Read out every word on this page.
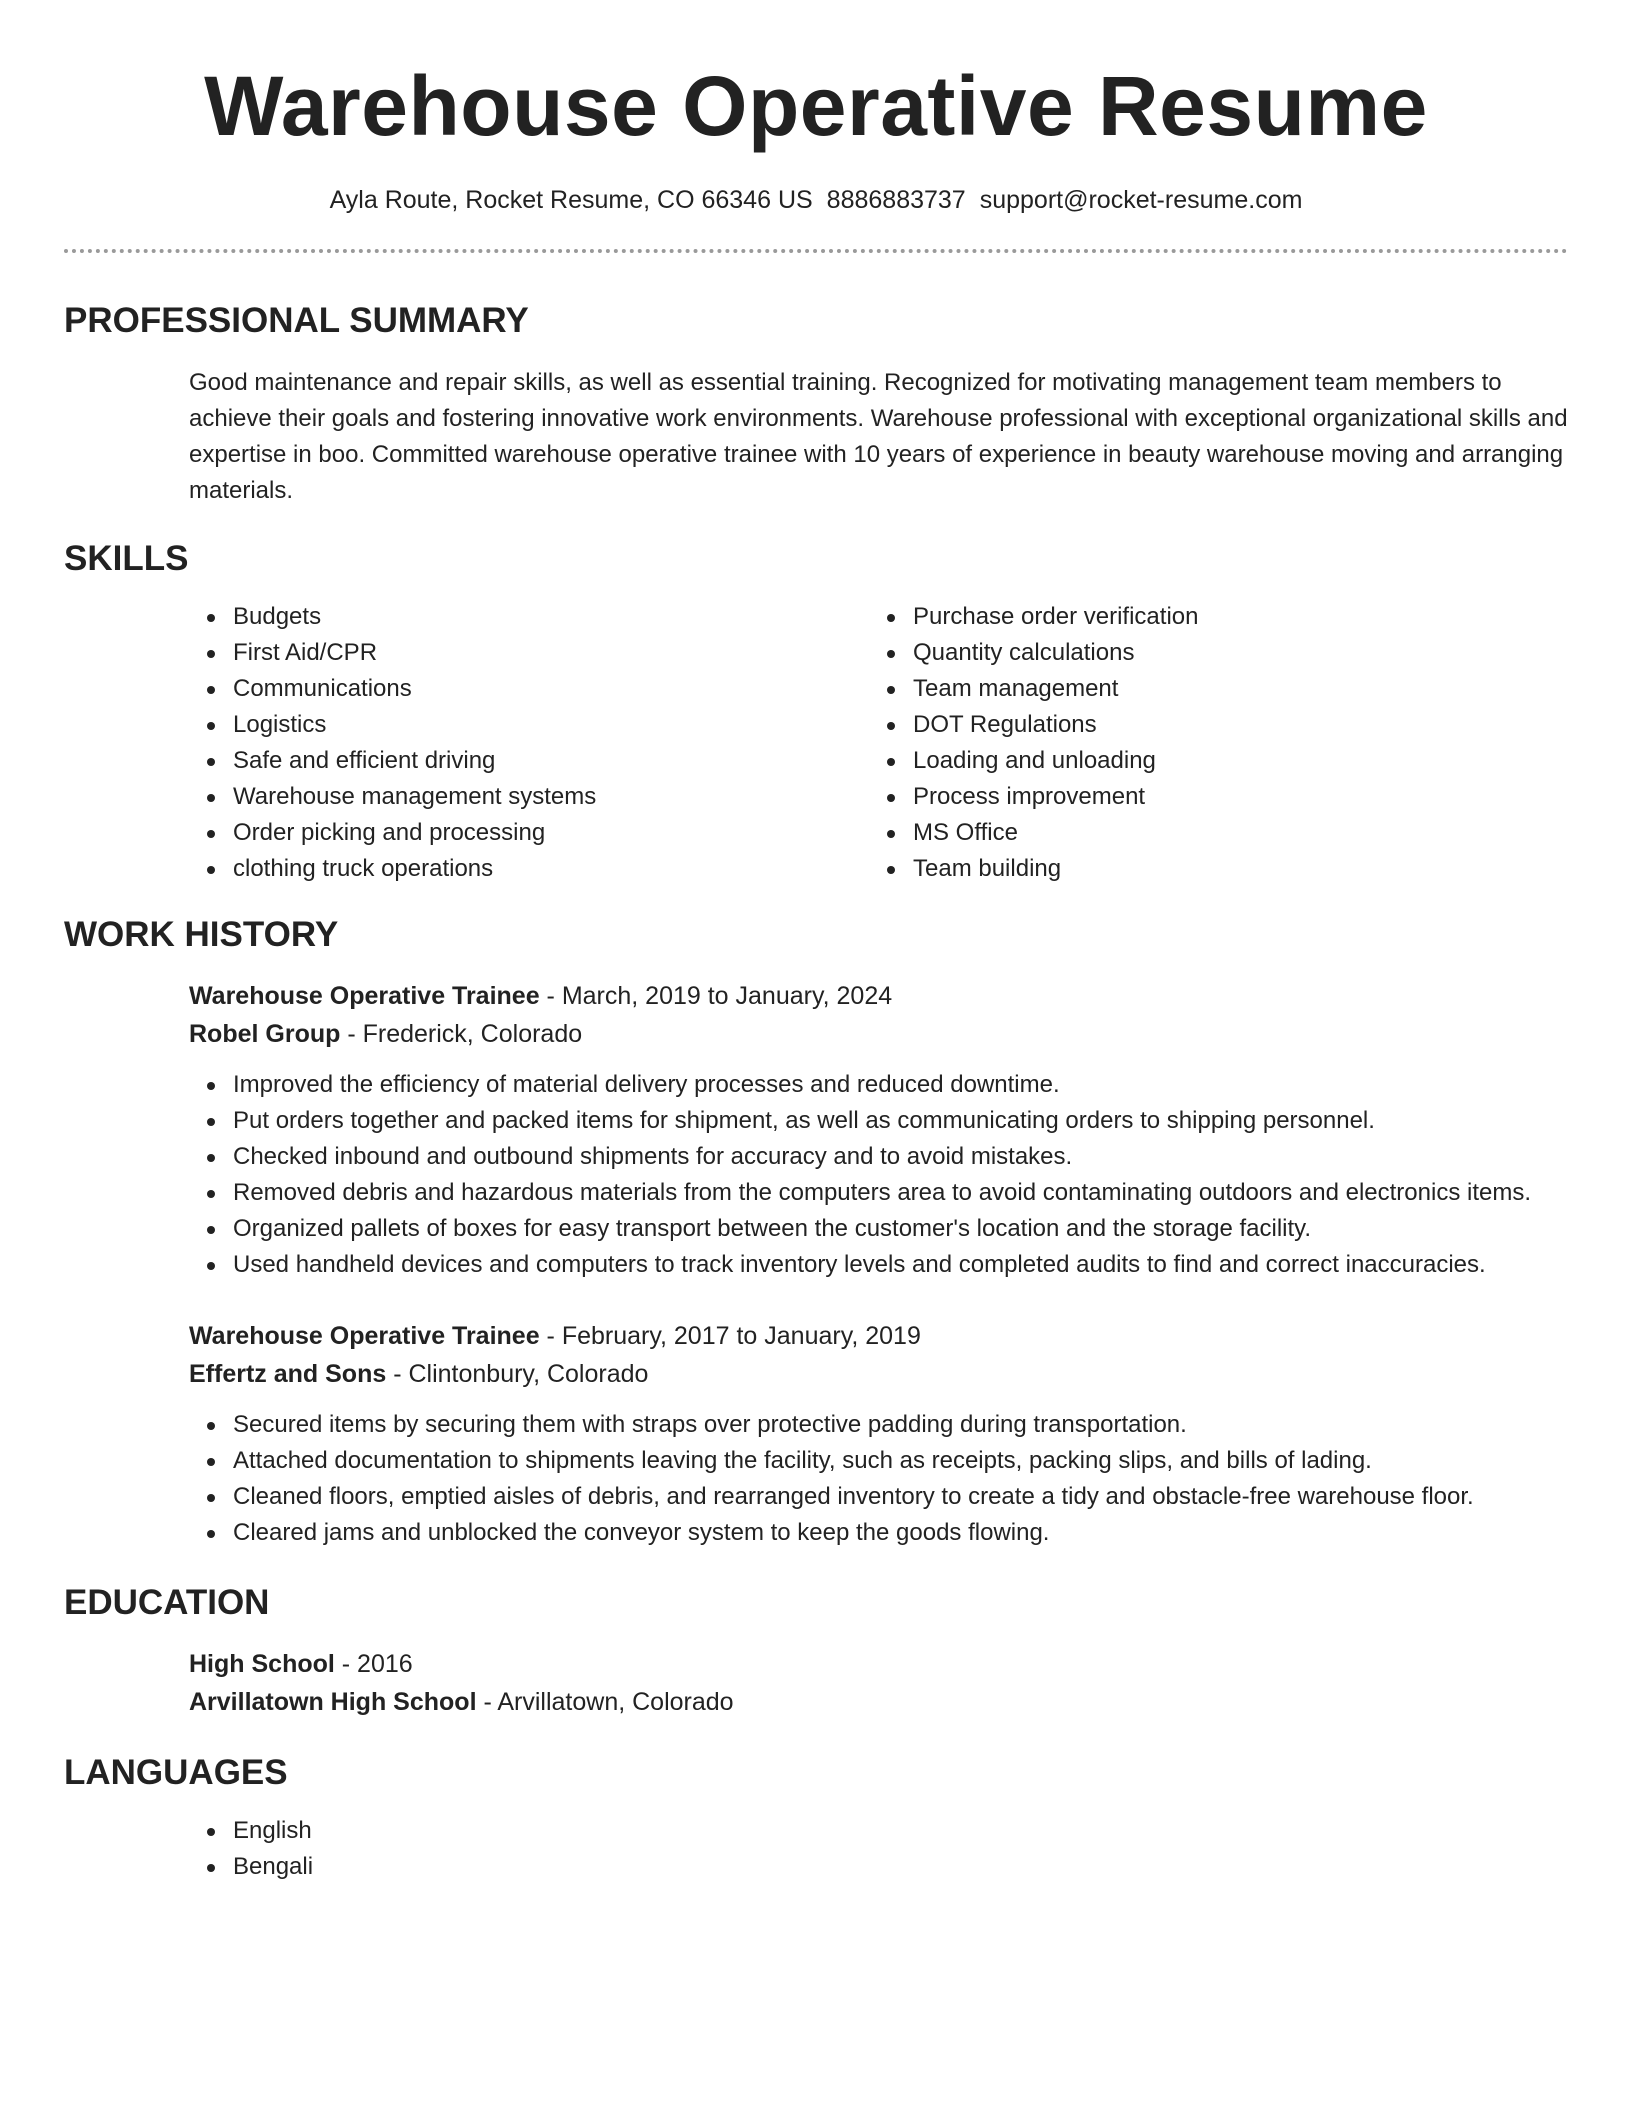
Warehouse Operative Resume
Ayla Route, Rocket Resume, CO 66346 US 8886883737 support@rocket-resume.com
PROFESSIONAL SUMMARY
Good maintenance and repair skills, as well as essential training. Recognized for motivating management team members to achieve their goals and fostering innovative work environments. Warehouse professional with exceptional organizational skills and expertise in boo. Committed warehouse operative trainee with 10 years of experience in beauty warehouse moving and arranging materials.
SKILLS
Budgets
First Aid/CPR
Communications
Logistics
Safe and efficient driving
Warehouse management systems
Order picking and processing
clothing truck operations
Purchase order verification
Quantity calculations
Team management
DOT Regulations
Loading and unloading
Process improvement
MS Office
Team building
WORK HISTORY
Warehouse Operative Trainee - March, 2019 to January, 2024
Robel Group - Frederick, Colorado
Improved the efficiency of material delivery processes and reduced downtime.
Put orders together and packed items for shipment, as well as communicating orders to shipping personnel.
Checked inbound and outbound shipments for accuracy and to avoid mistakes.
Removed debris and hazardous materials from the computers area to avoid contaminating outdoors and electronics items.
Organized pallets of boxes for easy transport between the customer's location and the storage facility.
Used handheld devices and computers to track inventory levels and completed audits to find and correct inaccuracies.
Warehouse Operative Trainee - February, 2017 to January, 2019
Effertz and Sons - Clintonbury, Colorado
Secured items by securing them with straps over protective padding during transportation.
Attached documentation to shipments leaving the facility, such as receipts, packing slips, and bills of lading.
Cleaned floors, emptied aisles of debris, and rearranged inventory to create a tidy and obstacle-free warehouse floor.
Cleared jams and unblocked the conveyor system to keep the goods flowing.
EDUCATION
High School - 2016
Arvillatown High School - Arvillatown, Colorado
LANGUAGES
English
Bengali
